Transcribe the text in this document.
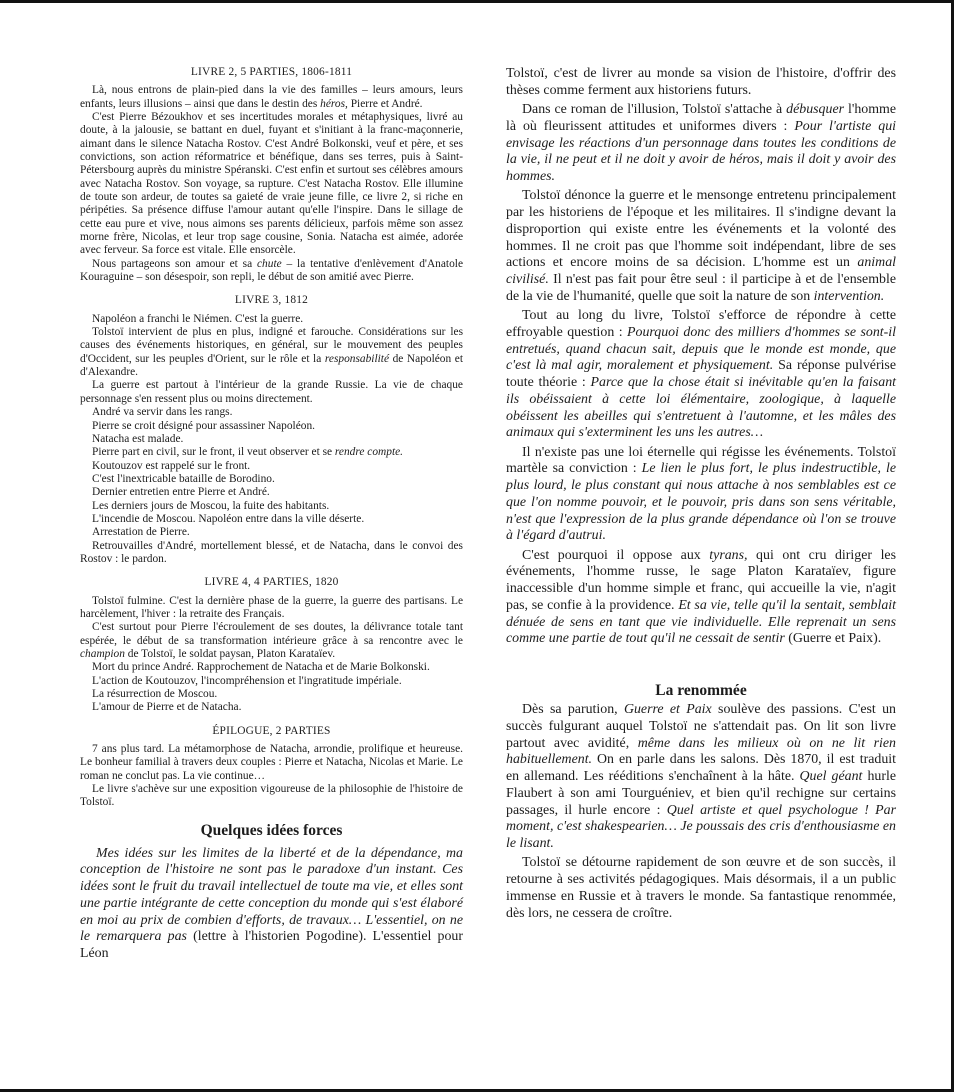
LIVRE 2, 5 PARTIES, 1806-1811

Là, nous entrons de plain-pied dans la vie des familles – leurs amours, leurs enfants, leurs illusions – ainsi que dans le destin des héros, Pierre et André.

C'est Pierre Bézoukhov et ses incertitudes morales et métaphysiques, livré au doute, à la jalousie, se battant en duel, fuyant et s'initiant à la franc-maçonnerie, aimant dans le silence Natacha Rostov. C'est André Bolkonski, veuf et père, et ses convictions, son action réformatrice et bénéfique, dans ses terres, puis à Saint-Pétersbourg auprès du ministre Spéranski. C'est enfin et surtout ses célèbres amours avec Natacha Rostov. Son voyage, sa rupture. C'est Natacha Rostov. Elle illumine de toute son ardeur, de toutes sa gaieté de vraie jeune fille, ce livre 2, si riche en péripéties. Sa présence diffuse l'amour autant qu'elle l'inspire. Dans le sillage de cette eau pure et vive, nous aimons ses parents délicieux, parfois même son assez morne frère, Nicolas, et leur trop sage cousine, Sonia. Natacha est aimée, adorée avec ferveur. Sa force est vitale. Elle ensorcèle.

Nous partageons son amour et sa chute – la tentative d'enlèvement d'Anatole Kouraguine – son désespoir, son repli, le début de son amitié avec Pierre.

LIVRE 3, 1812

Napoléon a franchi le Niémen. C'est la guerre.

Tolstoï intervient de plus en plus, indigné et farouche. Considérations sur les causes des événements historiques, en général, sur le mouvement des peuples d'Occident, sur les peuples d'Orient, sur le rôle et la responsabilité de Napoléon et d'Alexandre.

La guerre est partout à l'intérieur de la grande Russie. La vie de chaque personnage s'en ressent plus ou moins directement.

André va servir dans les rangs.

Pierre se croit désigné pour assassiner Napoléon.

Natacha est malade.

Pierre part en civil, sur le front, il veut observer et se rendre compte.

Koutouzov est rappelé sur le front.

C'est l'inextricable bataille de Borodino.

Dernier entretien entre Pierre et André.

Les derniers jours de Moscou, la fuite des habitants.

L'incendie de Moscou. Napoléon entre dans la ville déserte.

Arrestation de Pierre.

Retrouvailles d'André, mortellement blessé, et de Natacha, dans le convoi des Rostov : le pardon.

LIVRE 4, 4 PARTIES, 1820

Tolstoï fulmine. C'est la dernière phase de la guerre, la guerre des partisans. Le harcèlement, l'hiver : la retraite des Français.

C'est surtout pour Pierre l'écroulement de ses doutes, la délivrance totale tant espérée, le début de sa transformation intérieure grâce à sa rencontre avec le champion de Tolstoï, le soldat paysan, Platon Karataïev.

Mort du prince André. Rapprochement de Natacha et de Marie Bolkonski.

L'action de Koutouzov, l'incompréhension et l'ingratitude impériale.

La résurrection de Moscou.

L'amour de Pierre et de Natacha.

ÉPILOGUE, 2 PARTIES

7 ans plus tard. La métamorphose de Natacha, arrondie, prolifique et heureuse. Le bonheur familial à travers deux couples : Pierre et Natacha, Nicolas et Marie. Le roman ne conclut pas. La vie continue…

Le livre s'achève sur une exposition vigoureuse de la philosophie de l'histoire de Tolstoï.

Quelques idées forces

Mes idées sur les limites de la liberté et de la dépendance, ma conception de l'histoire ne sont pas le paradoxe d'un instant. Ces idées sont le fruit du travail intellectuel de toute ma vie, et elles sont une partie intégrante de cette conception du monde qui s'est élaboré en moi au prix de combien d'efforts, de travaux… L'essentiel, on ne le remarquera pas (lettre à l'historien Pogodine). L'essentiel pour Léon

Tolstoï, c'est de livrer au monde sa vision de l'histoire, d'offrir des thèses comme ferment aux historiens futurs.

Dans ce roman de l'illusion, Tolstoï s'attache à débusquer l'homme là où fleurissent attitudes et uniformes divers : Pour l'artiste qui envisage les réactions d'un personnage dans toutes les conditions de la vie, il ne peut et il ne doit y avoir de héros, mais il doit y avoir des hommes.

Tolstoï dénonce la guerre et le mensonge entretenu principalement par les historiens de l'époque et les militaires. Il s'indigne devant la disproportion qui existe entre les événements et la volonté des hommes. Il ne croit pas que l'homme soit indépendant, libre de ses actions et encore moins de sa décision. L'homme est un animal civilisé. Il n'est pas fait pour être seul : il participe à et de l'ensemble de la vie de l'humanité, quelle que soit la nature de son intervention.

Tout au long du livre, Tolstoï s'efforce de répondre à cette effroyable question : Pourquoi donc des milliers d'hommes se sont-il entretués, quand chacun sait, depuis que le monde est monde, que c'est là mal agir, moralement et physiquement. Sa réponse pulvérise toute théorie : Parce que la chose était si inévitable qu'en la faisant ils obéissaient à cette loi élémentaire, zoologique, à laquelle obéissent les abeilles qui s'entretuent à l'automne, et les mâles des animaux qui s'exterminent les uns les autres…

Il n'existe pas une loi éternelle qui régisse les événements. Tolstoï martèle sa conviction : Le lien le plus fort, le plus indestructible, le plus lourd, le plus constant qui nous attache à nos semblables est ce que l'on nomme pouvoir, et le pouvoir, pris dans son sens véritable, n'est que l'expression de la plus grande dépendance où l'on se trouve à l'égard d'autrui.

C'est pourquoi il oppose aux tyrans, qui ont cru diriger les événements, l'homme russe, le sage Platon Karataïev, figure inaccessible d'un homme simple et franc, qui accueille la vie, n'agit pas, se confie à la providence. Et sa vie, telle qu'il la sentait, semblait dénuée de sens en tant que vie individuelle. Elle reprenait un sens comme une partie de tout qu'il ne cessait de sentir (Guerre et Paix).

La renommée

Dès sa parution, Guerre et Paix soulève des passions. C'est un succès fulgurant auquel Tolstoï ne s'attendait pas. On lit son livre partout avec avidité, même dans les milieux où on ne lit rien habituellement. On en parle dans les salons. Dès 1870, il est traduit en allemand. Les rééditions s'enchaînent à la hâte. Quel géant hurle Flaubert à son ami Tourguéniev, et bien qu'il rechigne sur certains passages, il hurle encore : Quel artiste et quel psychologue ! Par moment, c'est shakespearien… Je poussais des cris d'enthousiasme en le lisant.

Tolstoï se détourne rapidement de son œuvre et de son succès, il retourne à ses activités pédagogiques. Mais désormais, il a un public immense en Russie et à travers le monde. Sa fantastique renommée, dès lors, ne cessera de croître.
